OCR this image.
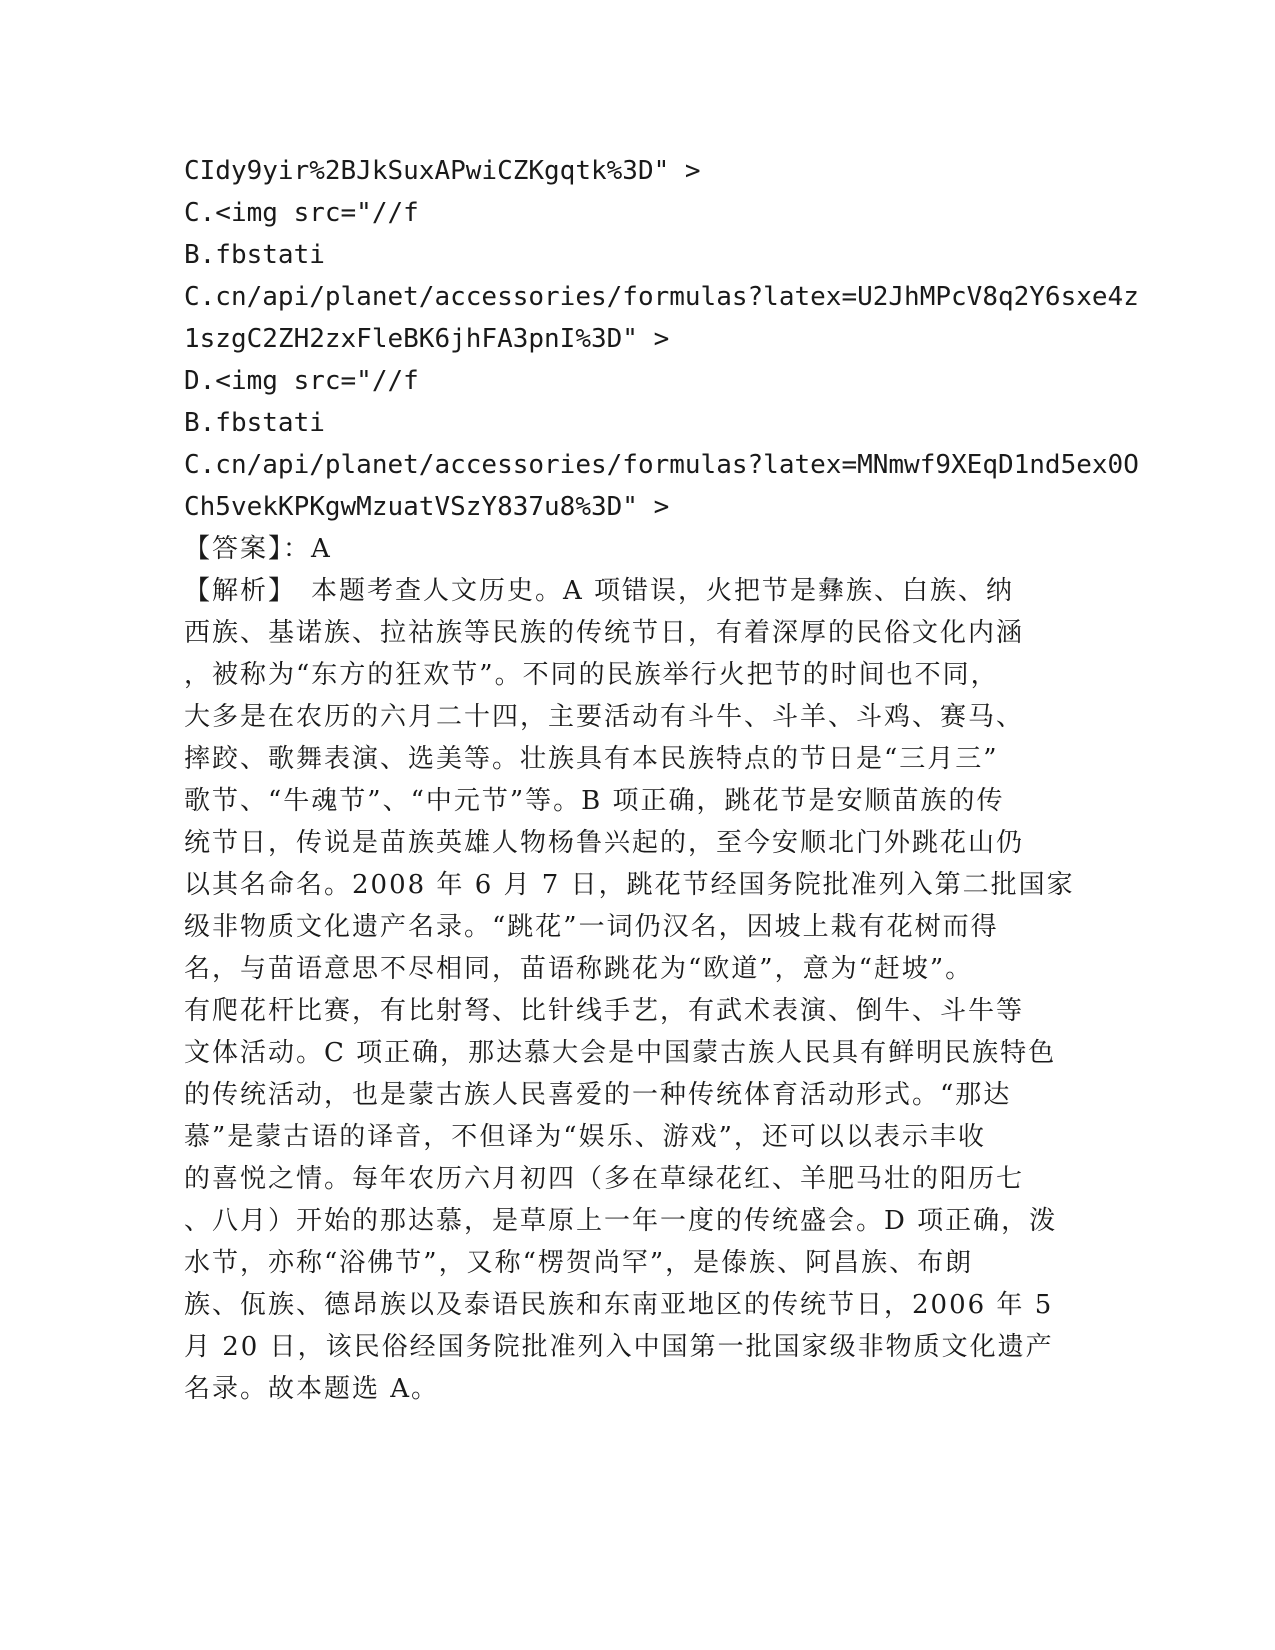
CIdy9yir%2BJkSuxAPwiCZKgqtk%3D" >
C.<img src="//f
B.fbstati
C.cn/api/planet/accessories/formulas?latex=U2JhMPcV8q2Y6sxe4z
1szgC2ZH2zxFleBK6jhFA3pnI%3D" >
D.<img src="//f
B.fbstati
C.cn/api/planet/accessories/formulas?latex=MNmwf9XEqD1nd5ex0O
Ch5vekKPKgwMzuatVSzY837u8%3D" >
【答案】：A
【解析】　本题考查人文历史。A 项错误，火把节是彝族、白族、纳
西族、基诺族、拉祜族等民族的传统节日，有着深厚的民俗文化内涵
，被称为“东方的狂欢节”。不同的民族举行火把节的时间也不同，
大多是在农历的六月二十四，主要活动有斗牛、斗羊、斗鸡、赛马、
摔跤、歌舞表演、选美等。壮族具有本民族特点的节日是“三月三”
歌节、“牛魂节”、“中元节”等。B 项正确，跳花节是安顺苗族的传
统节日，传说是苗族英雄人物杨鲁兴起的，至今安顺北门外跳花山仍
以其名命名。2008 年 6 月 7 日，跳花节经国务院批准列入第二批国家
级非物质文化遗产名录。“跳花”一词仍汉名，因坡上栽有花树而得
名，与苗语意思不尽相同，苗语称跳花为“欧道”，意为“赶坡”。
有爬花杆比赛，有比射弩、比针线手艺，有武术表演、倒牛、斗牛等
文体活动。C 项正确，那达慕大会是中国蒙古族人民具有鲜明民族特色
的传统活动，也是蒙古族人民喜爱的一种传统体育活动形式。“那达
慕”是蒙古语的译音，不但译为“娱乐、游戏”，还可以以表示丰收
的喜悦之情。每年农历六月初四（多在草绿花红、羊肥马壮的阳历七
、八月）开始的那达慕，是草原上一年一度的传统盛会。D 项正确，泼
水节，亦称“浴佛节”，又称“楞贺尚罕”，是傣族、阿昌族、布朗
族、佤族、德昂族以及泰语民族和东南亚地区的传统节日，2006 年 5
月 20 日，该民俗经国务院批准列入中国第一批国家级非物质文化遗产
名录。故本题选 A。
